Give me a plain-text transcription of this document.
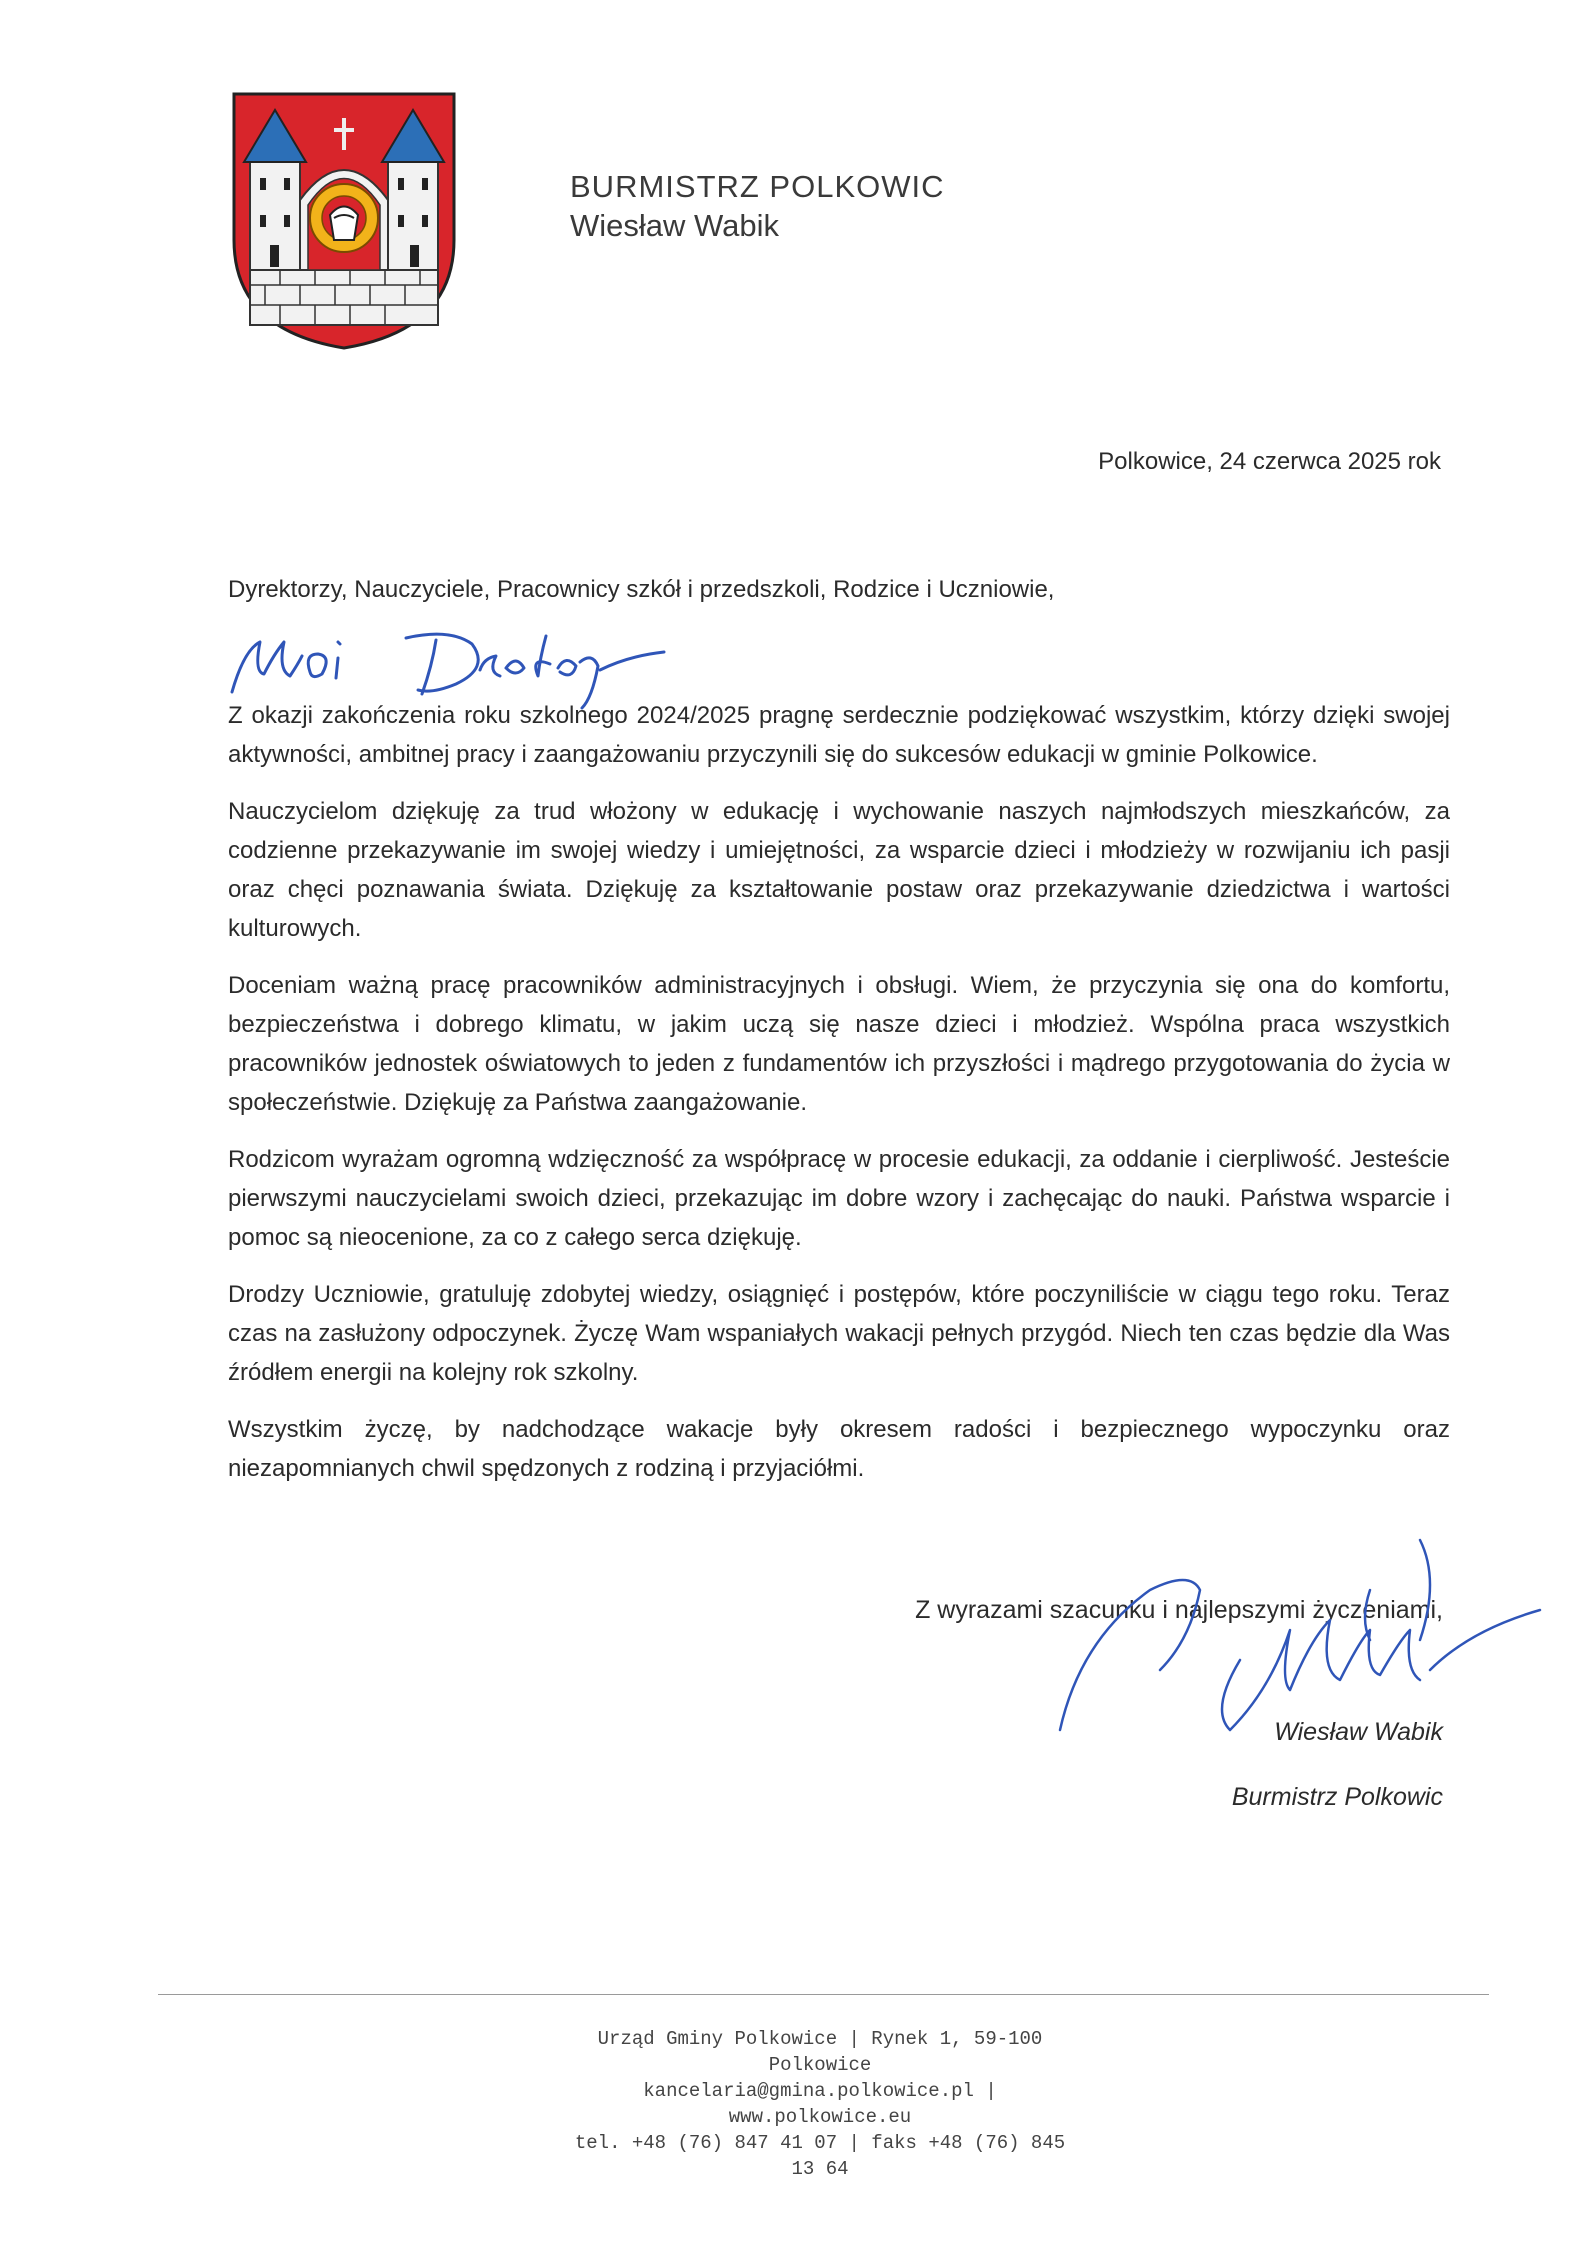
BURMISTRZ POLKOWIC
Wiesław Wabik
Polkowice, 24 czerwca 2025 rok
Dyrektorzy, Nauczyciele, Pracownicy szkół i przedszkoli, Rodzice i Uczniowie,

Z okazji zakończenia roku szkolnego 2024/2025 pragnę serdecznie podziękować wszystkim, którzy dzięki swojej aktywności, ambitnej pracy i zaangażowaniu przyczynili się do sukcesów edukacji w gminie Polkowice.

Nauczycielom dziękuję za trud włożony w edukację i wychowanie naszych najmłodszych mieszkańców, za codzienne przekazywanie im swojej wiedzy i umiejętności, za wsparcie dzieci i młodzieży w rozwijaniu ich pasji oraz chęci poznawania świata. Dziękuję za kształtowanie postaw oraz przekazywanie dziedzictwa i wartości kulturowych.

Doceniam ważną pracę pracowników administracyjnych i obsługi. Wiem, że przyczynia się ona do komfortu, bezpieczeństwa i dobrego klimatu, w jakim uczą się nasze dzieci i młodzież. Wspólna praca wszystkich pracowników jednostek oświatowych to jeden z fundamentów ich przyszłości i mądrego przygotowania do życia w społeczeństwie. Dziękuję za Państwa zaangażowanie.

Rodzicom wyrażam ogromną wdzięczność za współpracę w procesie edukacji, za oddanie i cierpliwość. Jesteście pierwszymi nauczycielami swoich dzieci, przekazując im dobre wzory i zachęcając do nauki. Państwa wsparcie i pomoc są nieocenione, za co z całego serca dziękuję.

Drodzy Uczniowie, gratuluję zdobytej wiedzy, osiągnięć i postępów, które poczyniliście w ciągu tego roku. Teraz czas na zasłużony odpoczynek. Życzę Wam wspaniałych wakacji pełnych przygód. Niech ten czas będzie dla Was źródłem energii na kolejny rok szkolny.

Wszystkim życzę, by nadchodzące wakacje były okresem radości i bezpiecznego wypoczynku oraz niezapomnianych chwil spędzonych z rodziną i przyjaciółmi.

Z wyrazami szacunku i najlepszymi życzeniami,
Wiesław Wabik
Burmistrz Polkowic
Urząd Gminy Polkowice | Rynek 1, 59-100
Polkowice
kancelaria@gmina.polkowice.pl |
www.polkowice.eu
tel. +48 (76) 847 41 07 | faks +48 (76) 845
13 64
